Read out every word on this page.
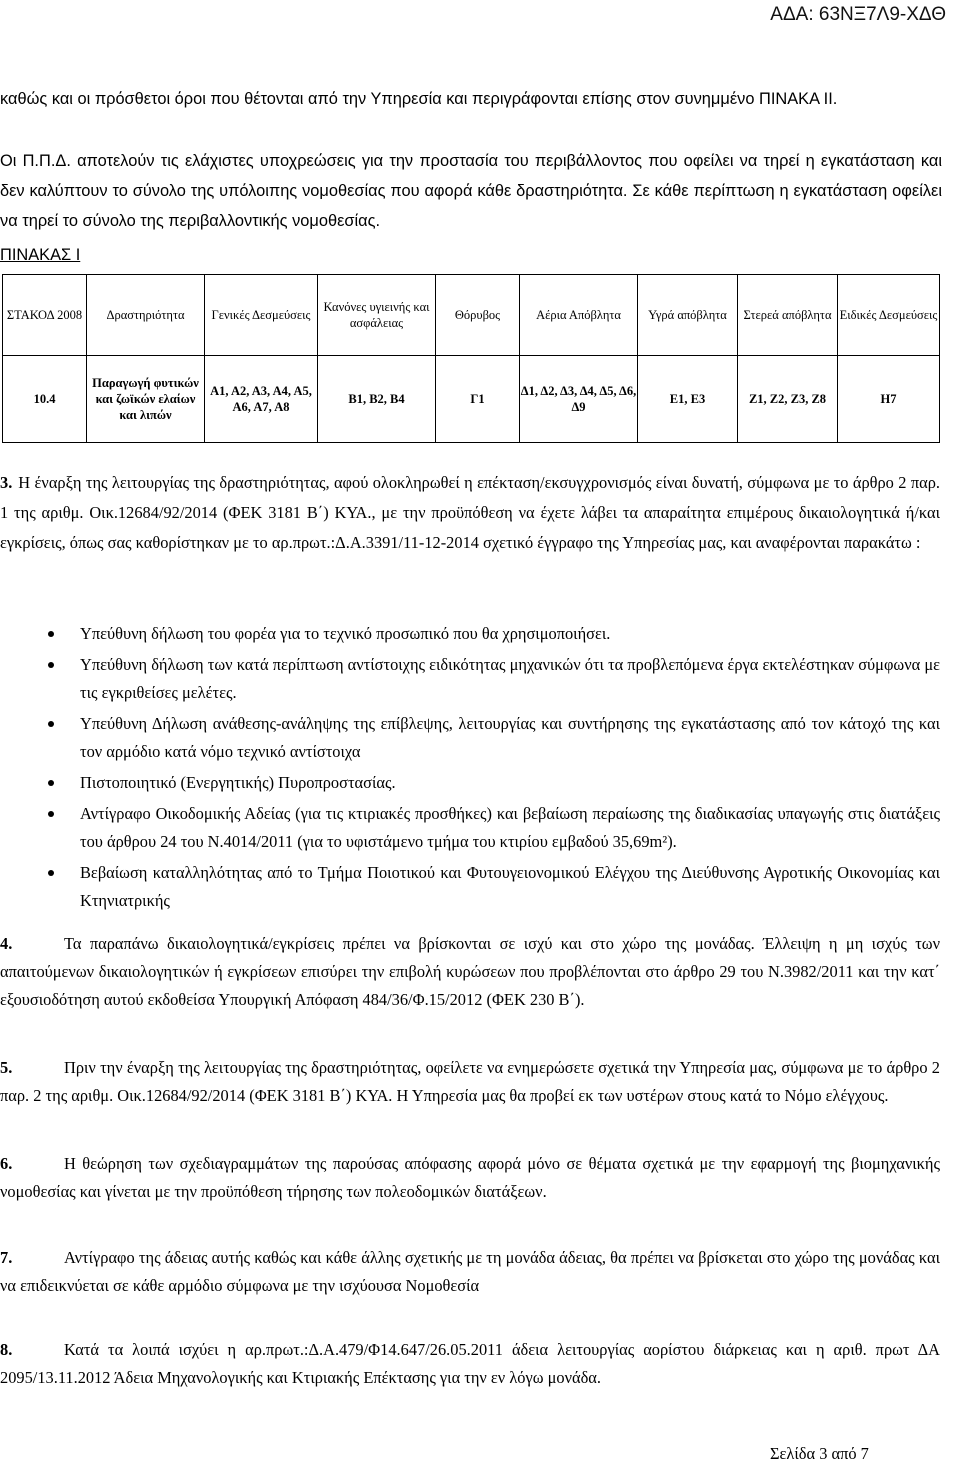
ΑΔΑ: 63ΝΞ7Λ9-ΧΔΘ

καθώς και οι πρόσθετοι όροι που θέτονται από την Υπηρεσία και περιγράφονται επίσης στον συνημμένο ΠΙΝΑΚΑ ΙΙ.

Οι Π.Π.Δ. αποτελούν τις ελάχιστες υποχρεώσεις για την προστασία του περιβάλλοντος που οφείλει να τηρεί η εγκατάσταση και δεν καλύπτουν το σύνολο της υπόλοιπης νομοθεσίας που αφορά κάθε δραστηριότητα. Σε κάθε περίπτωση η εγκατάσταση οφείλει να τηρεί το σύνολο της περιβαλλοντικής νομοθεσίας.

ΠΙΝΑΚΑΣ Ι
ΣΤΑΚΟΔ 2008	Δραστηριότητα	Γενικές Δεσμεύσεις	Κανόνες υγιεινής και ασφάλειας	Θόρυβος	Αέρια Απόβλητα	Υγρά απόβλητα	Στερεά απόβλητα	Ειδικές Δεσμεύσεις
10.4	Παραγωγή φυτικών και ζωϊκών ελαίων και λιπών	Α1, Α2, Α3, Α4, Α5, Α6, Α7, Α8	Β1, Β2, Β4	Γ1	Δ1, Δ2, Δ3, Δ4, Δ5, Δ6, Δ9	Ε1, Ε3	Ζ1, Ζ2, Ζ3, Ζ8	Η7

3. Η έναρξη της λειτουργίας της δραστηριότητας, αφού ολοκληρωθεί η επέκταση/εκσυγχρονισμός είναι δυνατή, σύμφωνα με το άρθρο 2 παρ. 1 της αριθμ. Οικ.12684/92/2014 (ΦΕΚ 3181 Β΄) ΚΥΑ., με την προϋπόθεση να έχετε λάβει τα απαραίτητα επιμέρους δικαιολογητικά ή/και εγκρίσεις, όπως σας καθορίστηκαν με το αρ.πρωτ.:Δ.Α.3391/11-12-2014 σχετικό έγγραφο της Υπηρεσίας μας, και αναφέρονται παρακάτω :

Υπεύθυνη δήλωση του φορέα για το τεχνικό προσωπικό που θα χρησιμοποιήσει.
Υπεύθυνη δήλωση των κατά περίπτωση αντίστοιχης ειδικότητας μηχανικών ότι τα προβλεπόμενα έργα εκτελέστηκαν σύμφωνα με τις εγκριθείσες μελέτες.
Υπεύθυνη Δήλωση ανάθεσης-ανάληψης της επίβλεψης, λειτουργίας και συντήρησης της εγκατάστασης από τον κάτοχό της και τον αρμόδιο κατά νόμο τεχνικό αντίστοιχα
Πιστοποιητικό (Ενεργητικής) Πυροπροστασίας.
Αντίγραφο Οικοδομικής Αδείας (για τις κτιριακές προσθήκες) και βεβαίωση περαίωσης της διαδικασίας υπαγωγής στις διατάξεις του άρθρου 24 του Ν.4014/2011 (για το υφιστάμενο τμήμα του κτιρίου εμβαδού 35,69m²).
Βεβαίωση καταλληλότητας από το Τμήμα Ποιοτικού και Φυτουγειονομικού Ελέγχου της Διεύθυνσης Αγροτικής Οικονομίας και Κτηνιατρικής

4.	Τα παραπάνω δικαιολογητικά/εγκρίσεις πρέπει να βρίσκονται σε ισχύ και στο χώρο της μονάδας. Έλλειψη η μη ισχύς των απαιτούμενων δικαιολογητικών ή εγκρίσεων επισύρει την επιβολή κυρώσεων που προβλέπονται στο άρθρο 29 του Ν.3982/2011 και την κατ΄ εξουσιοδότηση αυτού εκδοθείσα Υπουργική Απόφαση 484/36/Φ.15/2012 (ΦΕΚ 230 Β΄).

5.	Πριν την έναρξη της λειτουργίας της δραστηριότητας, οφείλετε να ενημερώσετε σχετικά την Υπηρεσία μας, σύμφωνα με το άρθρο 2 παρ. 2 της αριθμ. Οικ.12684/92/2014 (ΦΕΚ 3181 Β΄) ΚΥΑ. Η Υπηρεσία μας θα προβεί εκ των υστέρων στους κατά το Νόμο ελέγχους.

6.	Η θεώρηση των σχεδιαγραμμάτων της παρούσας απόφασης αφορά μόνο σε θέματα σχετικά με την εφαρμογή της βιομηχανικής νομοθεσίας και γίνεται με την προϋπόθεση τήρησης των πολεοδομικών διατάξεων.

7.	Αντίγραφο της άδειας αυτής καθώς και κάθε άλλης σχετικής με τη μονάδα άδειας, θα πρέπει να βρίσκεται στο χώρο της μονάδας και να επιδεικνύεται σε κάθε αρμόδιο σύμφωνα με την ισχύουσα Νομοθεσία

8.	Κατά τα λοιπά ισχύει η αρ.πρωτ.:Δ.Α.479/Φ14.647/26.05.2011 άδεια λειτουργίας αορίστου διάρκειας και η αριθ. πρωτ ΔΑ 2095/13.11.2012 Άδεια Μηχανολογικής και Κτιριακής Επέκτασης για την εν λόγω μονάδα.

Σελίδα 3 από 7
